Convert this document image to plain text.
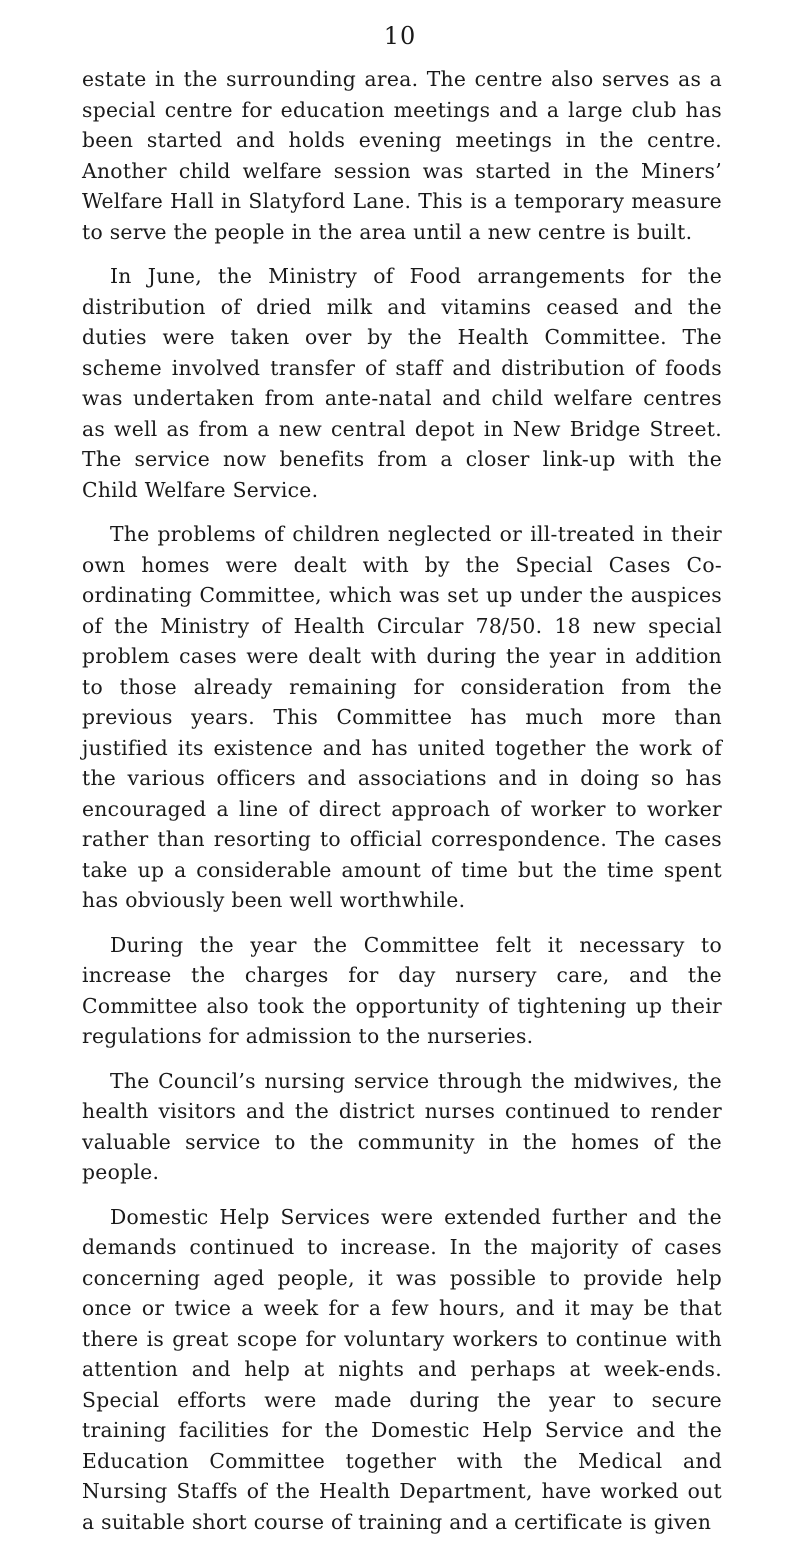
10

estate in the surrounding area. The centre also serves as a special centre for education meetings and a large club has been started and holds evening meetings in the centre. Another child welfare session was started in the Miners’ Welfare Hall in Slatyford Lane. This is a temporary measure to serve the people in the area until a new centre is built.

In June, the Ministry of Food arrangements for the distribution of dried milk and vitamins ceased and the duties were taken over by the Health Committee. The scheme involved transfer of staff and distribution of foods was undertaken from ante-natal and child welfare centres as well as from a new central depot in New Bridge Street. The service now benefits from a closer link-up with the Child Welfare Service.

The problems of children neglected or ill-treated in their own homes were dealt with by the Special Cases Co-ordinating Committee, which was set up under the auspices of the Ministry of Health Circular 78/50. 18 new special problem cases were dealt with during the year in addition to those already remaining for consideration from the previous years. This Committee has much more than justified its existence and has united together the work of the various officers and associations and in doing so has encouraged a line of direct approach of worker to worker rather than resorting to official correspondence. The cases take up a considerable amount of time but the time spent has obviously been well worthwhile.

During the year the Committee felt it necessary to increase the charges for day nursery care, and the Committee also took the opportunity of tightening up their regulations for admission to the nurseries.

The Council’s nursing service through the midwives, the health visitors and the district nurses continued to render valuable service to the community in the homes of the people.

Domestic Help Services were extended further and the demands continued to increase. In the majority of cases concerning aged people, it was possible to provide help once or twice a week for a few hours, and it may be that there is great scope for voluntary workers to continue with attention and help at nights and perhaps at week-ends. Special efforts were made during the year to secure training facilities for the Domestic Help Service and the Education Committee together with the Medical and Nursing Staffs of the Health Department, have worked out a suitable short course of training and a certificate is given
